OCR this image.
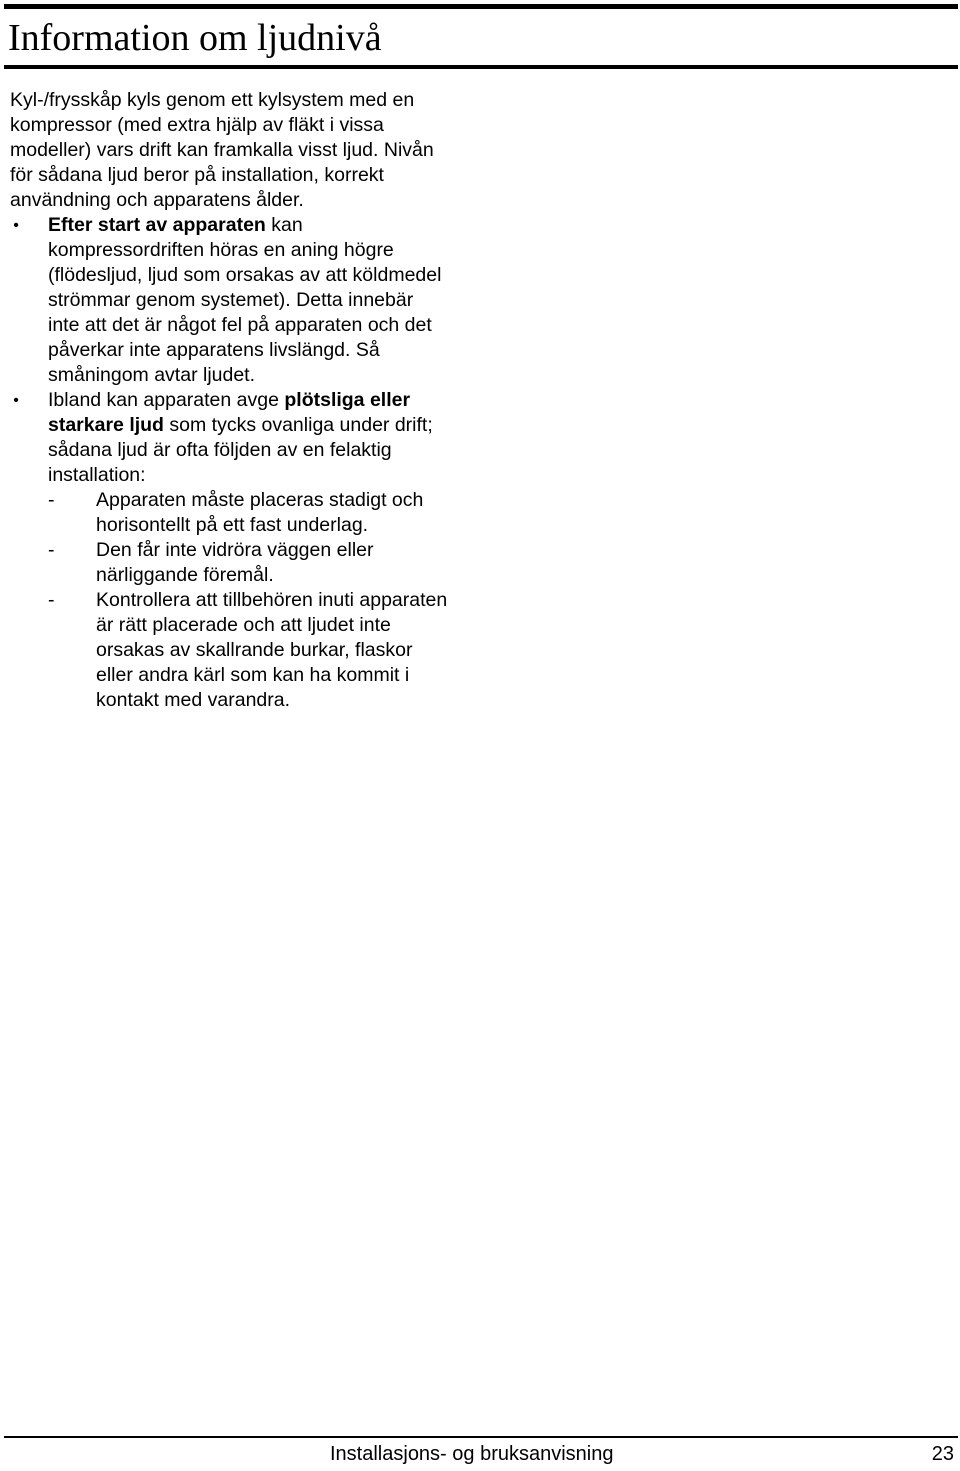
Information om ljudnivå

Kyl-/frysskåp kyls genom ett kylsystem med en kompressor (med extra hjälp av fläkt i vissa modeller) vars drift kan framkalla visst ljud. Nivån för sådana ljud beror på installation, korrekt användning och apparatens ålder.

• Efter start av apparaten kan kompressordriften höras en aning högre (flödesljud, ljud som orsakas av att köldmedel strömmar genom systemet). Detta innebär inte att det är något fel på apparaten och det påverkar inte apparatens livslängd. Så småningom avtar ljudet.
• Ibland kan apparaten avge plötsliga eller starkare ljud som tycks ovanliga under drift; sådana ljud är ofta följden av en felaktig installation:
- Apparaten måste placeras stadigt och horisontellt på ett fast underlag.
- Den får inte vidröra väggen eller närliggande föremål.
- Kontrollera att tillbehören inuti apparaten är rätt placerade och att ljudet inte orsakas av skallrande burkar, flaskor eller andra kärl som kan ha kommit i kontakt med varandra.
Installasjons- og bruksanvisning	23
